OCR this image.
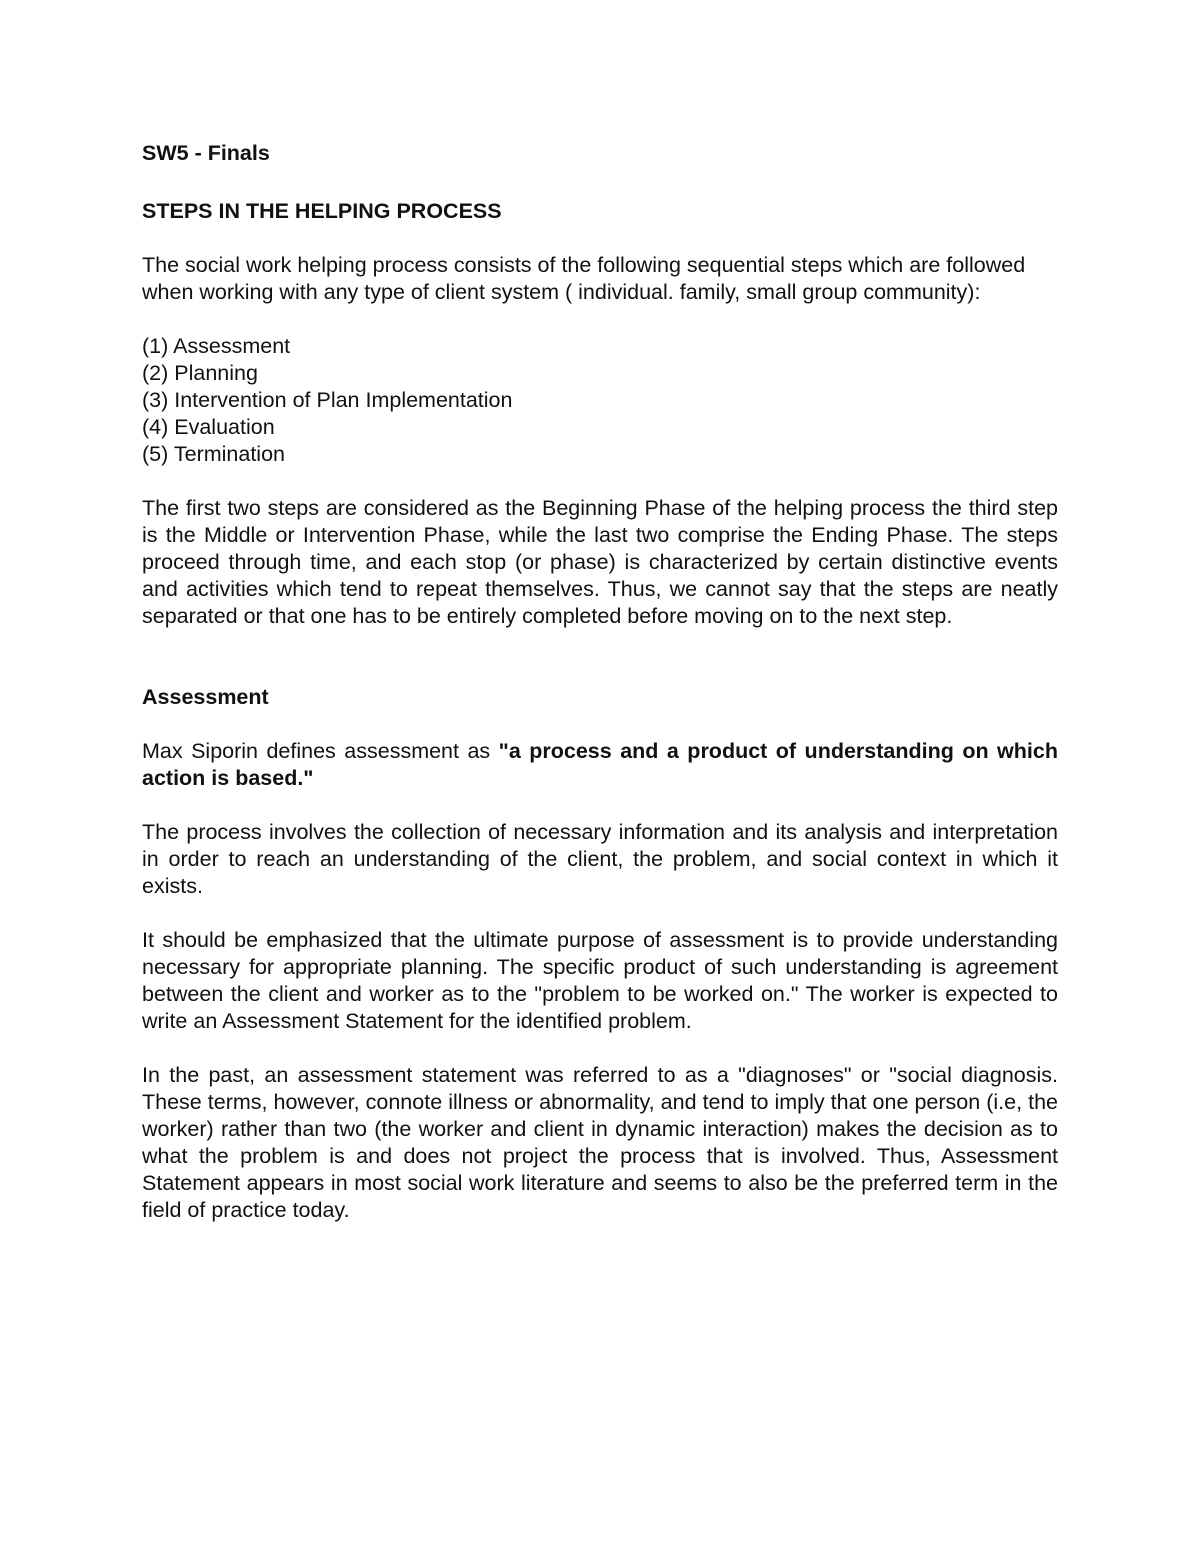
SW5 - Finals
STEPS IN THE HELPING PROCESS

The social work helping process consists of the following sequential steps which are followed when working with any type of client system ( individual. family, small group community):

(1) Assessment
(2) Planning
(3) Intervention of Plan Implementation
(4) Evaluation
(5) Termination

The first two steps are considered as the Beginning Phase of the helping process the third step is the Middle or Intervention Phase, while the last two comprise the Ending Phase. The steps proceed through time, and each stop (or phase) is characterized by certain distinctive events and activities which tend to repeat themselves. Thus, we cannot say that the steps are neatly separated or that one has to be entirely completed before moving on to the next step.

Assessment

Max Siporin defines assessment as "a process and a product of understanding on which action is based."

The process involves the collection of necessary information and its analysis and interpretation in order to reach an understanding of the client, the problem, and social context in which it exists.

It should be emphasized that the ultimate purpose of assessment is to provide understanding necessary for appropriate planning. The specific product of such understanding is agreement between the client and worker as to the "problem to be worked on." The worker is expected to write an Assessment Statement for the identified problem.

In the past, an assessment statement was referred to as a "diagnoses" or "social diagnosis. These terms, however, connote illness or abnormality, and tend to imply that one person (i.e, the worker) rather than two (the worker and client in dynamic interaction) makes the decision as to what the problem is and does not project the process that is involved. Thus, Assessment Statement appears in most social work literature and seems to also be the preferred term in the field of practice today.
